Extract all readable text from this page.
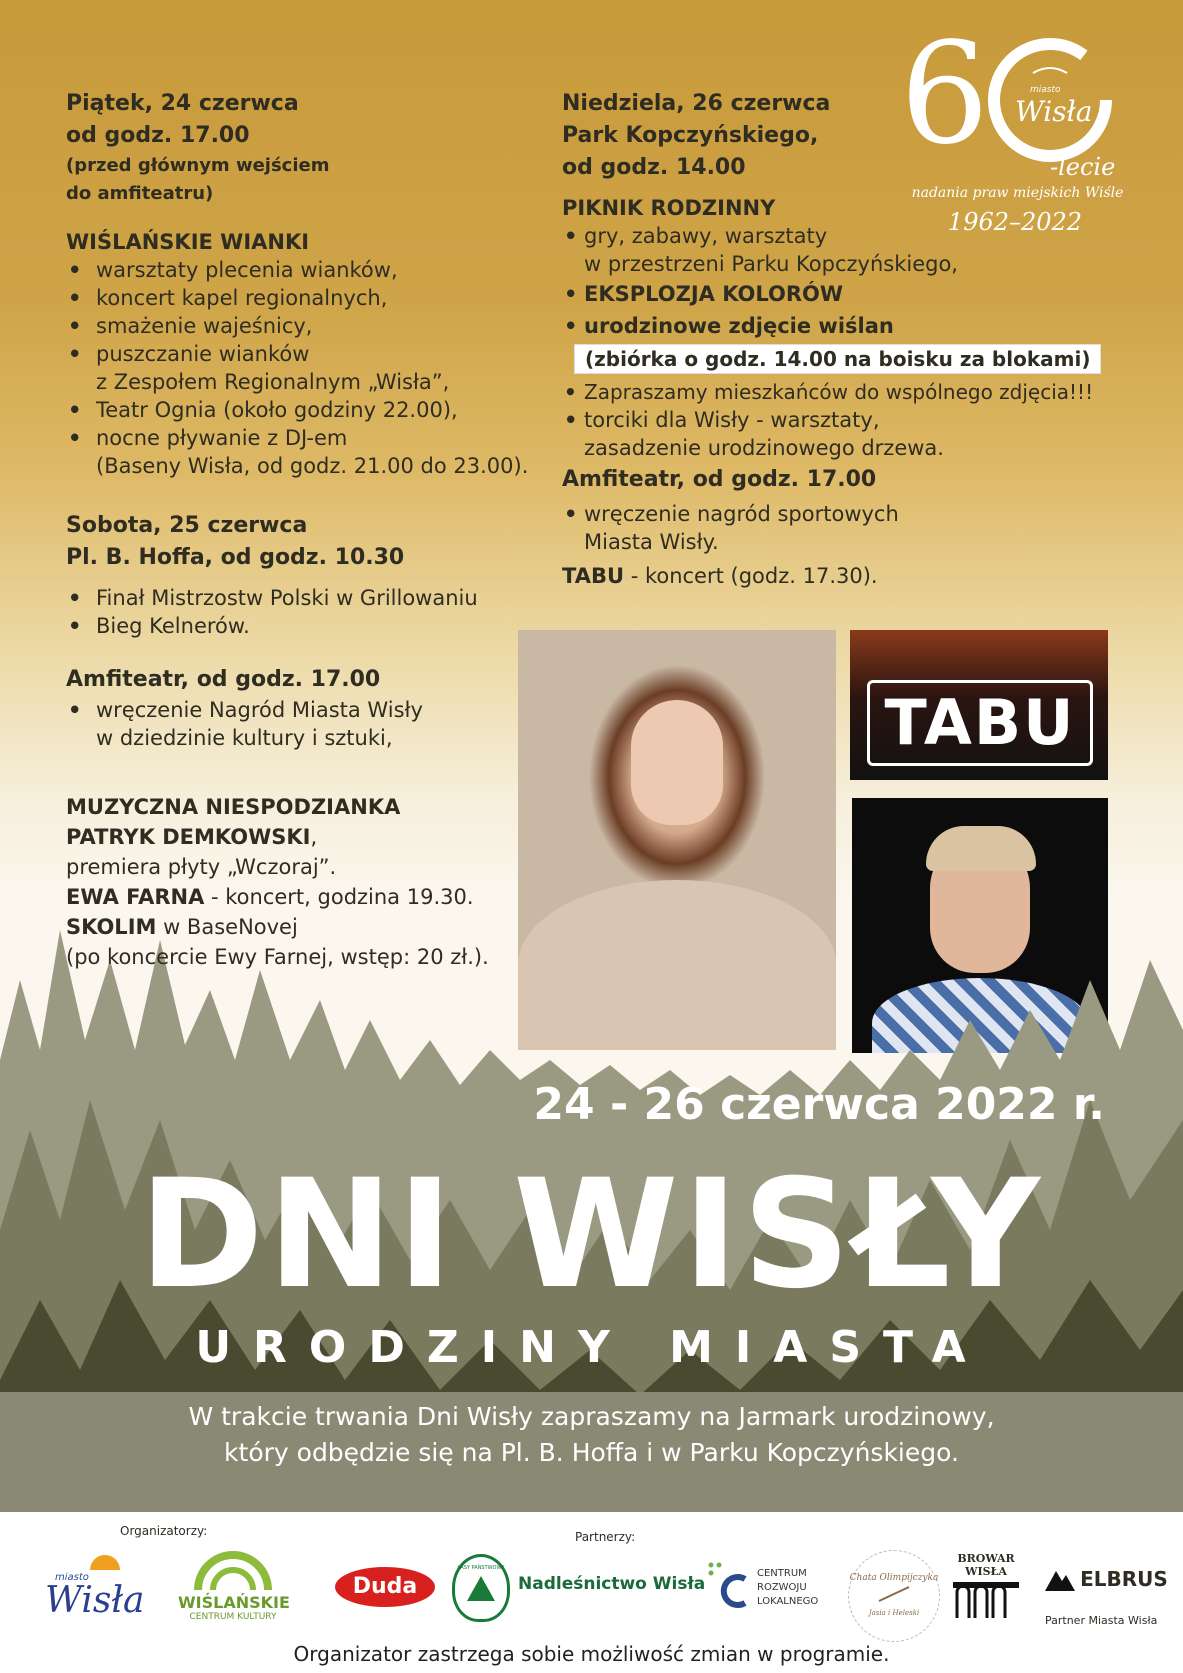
6	miasto
Wisła
-lecie
nadania praw miejskich Wiśle
1962–2022
Piątek, 24 czerwca
od godz. 17.00
(przed głównym wejściem
do amfiteatru)
WIŚLAŃSKIE WIANKI
• warsztaty plecenia wianków,
• koncert kapel regionalnych,
• smażenie wajeśnicy,
• puszczanie wianków
z Zespołem Regionalnym „Wisła”,
• Teatr Ognia (około godziny 22.00),
• nocne pływanie z DJ-em
(Baseny Wisła, od godz. 21.00 do 23.00).
Sobota, 25 czerwca
Pl. B. Hoffa, od godz. 10.30
• Finał Mistrzostw Polski w Grillowaniu
• Bieg Kelnerów.
Amfiteatr, od godz. 17.00
• wręczenie Nagród Miasta Wisły
w dziedzinie kultury i sztuki,
MUZYCZNA NIESPODZIANKA
PATRYK DEMKOWSKI,
premiera płyty „Wczoraj”.
EWA FARNA - koncert, godzina 19.30.
SKOLIM w BaseNovej
(po koncercie Ewy Farnej, wstęp: 20 zł.).
Niedziela, 26 czerwca
Park Kopczyńskiego,
od godz. 14.00
PIKNIK RODZINNY
• gry, zabawy, warsztaty
w przestrzeni Parku Kopczyńskiego,
• EKSPLOZJA KOLORÓW
• urodzinowe zdjęcie wiślan
(zbiórka o godz. 14.00 na boisku za blokami)
• Zapraszamy mieszkańców do wspólnego zdjęcia!!!
• torciki dla Wisły - warsztaty,
zasadzenie urodzinowego drzewa.
Amfiteatr, od godz. 17.00
• wręczenie nagród sportowych
Miasta Wisły.
TABU - koncert (godz. 17.30).
TABU
24 - 26 czerwca 2022 r.
DNI WISŁY
URODZINY MIASTA
W trakcie trwania Dni Wisły zapraszamy na Jarmark urodzinowy,
który odbędzie się na Pl. B. Hoffa i w Parku Kopczyńskiego.
Organizatorzy:	Partnerzy:
miasto
Wisła WIŚLAŃSKIE
CENTRUM KULTURY
Duda
LASY PAŃSTWOWE
Nadleśnictwo Wisła
CENTRUM
ROZWOJU
LOKALNEGO
Chata Olimpijczyka
Jasia i Heleski
BROWAR
WISŁA	ELBRUS
Partner Miasta Wisła
Organizator zastrzega sobie możliwość zmian w programie.
